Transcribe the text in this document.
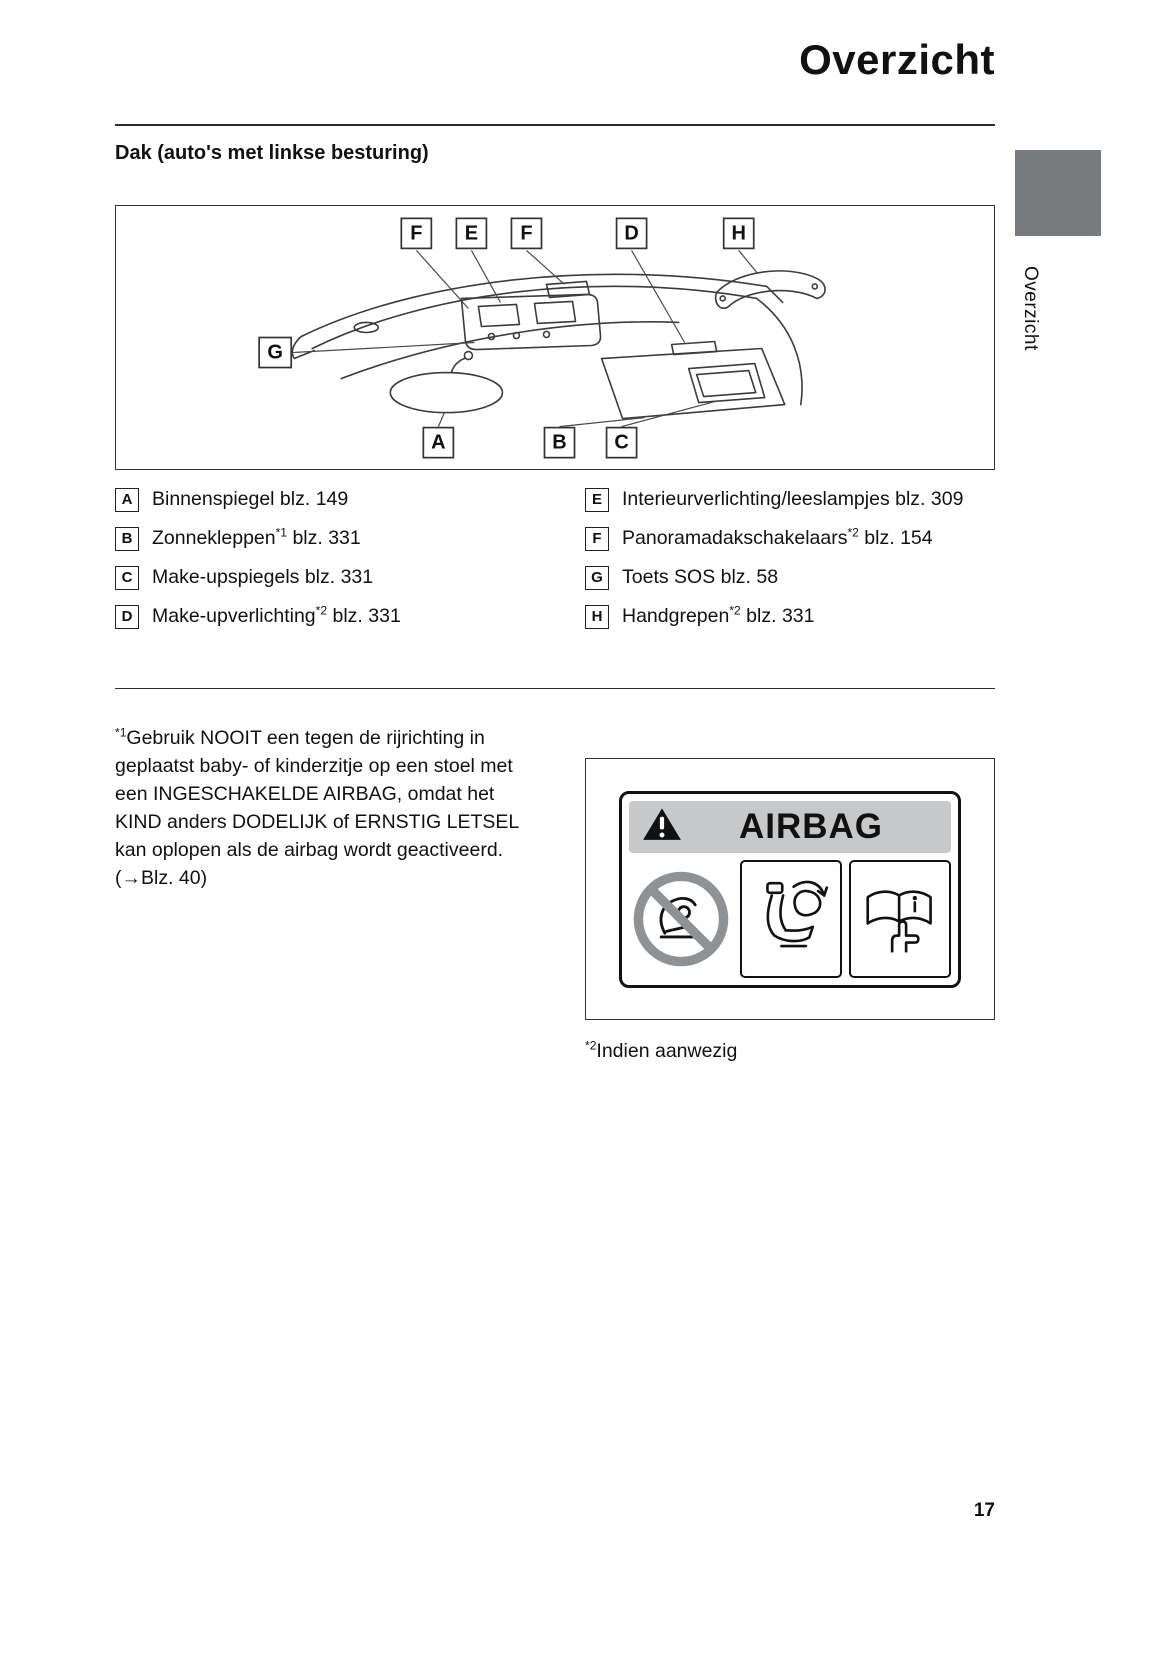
Overzicht
Dak (auto's met linkse besturing)
F E F	D	H
G
A	B C
A	Binnenspiegel blz. 149
B	Zonnekleppen$^{*1}$ blz. 331
C	Make-upspiegels blz. 331
D	Make-upverlichting$^{*2}$ blz. 331
E	Interieurverlichting/leeslampjes blz. 309
F	Panoramadakschakelaars$^{*2}$ blz. 154
G Toets SOS blz. 58
H	Handgrepen$^{*2}$ blz. 331
$^{*1}$Gebruik NOOIT een tegen de rijrichting in geplaatst baby- of kinderzitje op een stoel met een INGESCHAKELDE AIRBAG, omdat het KIND anders DODELIJK of ERNSTIG LETSEL kan oplopen als de airbag wordt geactiveerd. (→Blz. 40)
AIRBAG
$^{*2}$Indien aanwezig
Overzicht
17
